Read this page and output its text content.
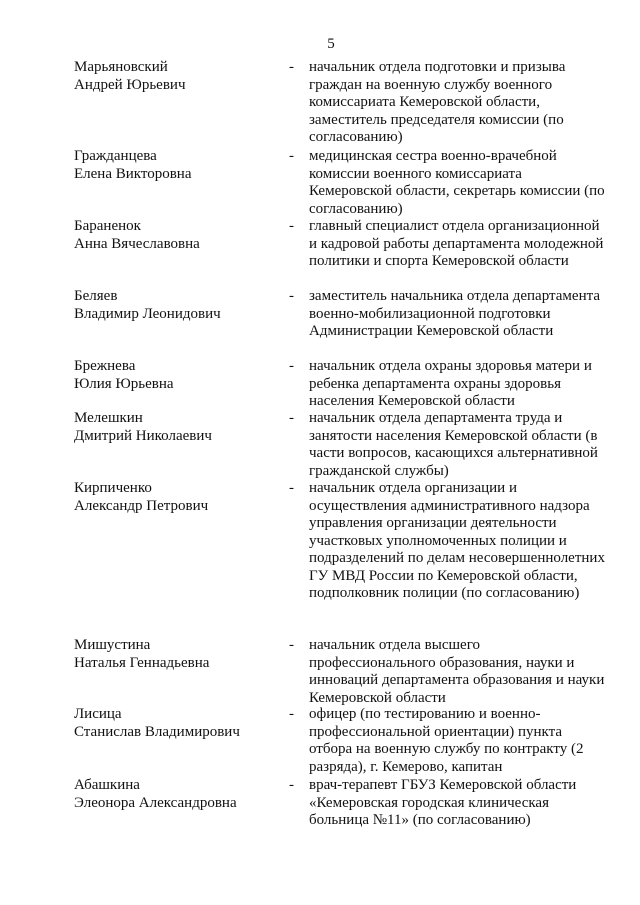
5
Марьяновский
Андрей Юрьевич
- начальник отдела подготовки и призыва граждан на военную службу военного комиссариата Кемеровской области, заместитель председателя комиссии (по согласованию)
Гражданцева
Елена Викторовна
- медицинская сестра военно-врачебной комиссии военного комиссариата Кемеровской области, секретарь комиссии (по согласованию)
Бараненок
Анна Вячеславовна
- главный специалист отдела организационной и кадровой работы департамента молодежной политики и спорта Кемеровской области
Беляев
Владимир Леонидович
- заместитель начальника отдела департамента военно-мобилизационной подготовки Администрации Кемеровской области
Брежнева
Юлия Юрьевна
- начальник отдела охраны здоровья матери и ребенка департамента охраны здоровья населения Кемеровской области
Мелешкин
Дмитрий Николаевич
- начальник отдела департамента труда и занятости населения Кемеровской области (в части вопросов, касающихся альтернативной гражданской службы)
Кирпиченко
Александр Петрович
- начальник отдела организации и осуществления административного надзора управления организации деятельности участковых уполномоченных полиции и подразделений по делам несовершеннолетних ГУ МВД России по Кемеровской области, подполковник полиции (по согласованию)
Мишустина
Наталья Геннадьевна
- начальник отдела высшего профессионального образования, науки и инноваций департамента образования и науки Кемеровской области
Лисица
Станислав Владимирович
- офицер (по тестированию и военно-профессиональной ориентации) пункта отбора на военную службу по контракту (2 разряда), г. Кемерово, капитан
Абашкина
Элеонора Александровна
- врач-терапевт ГБУЗ Кемеровской области «Кемеровская городская клиническая больница №11» (по согласованию)
